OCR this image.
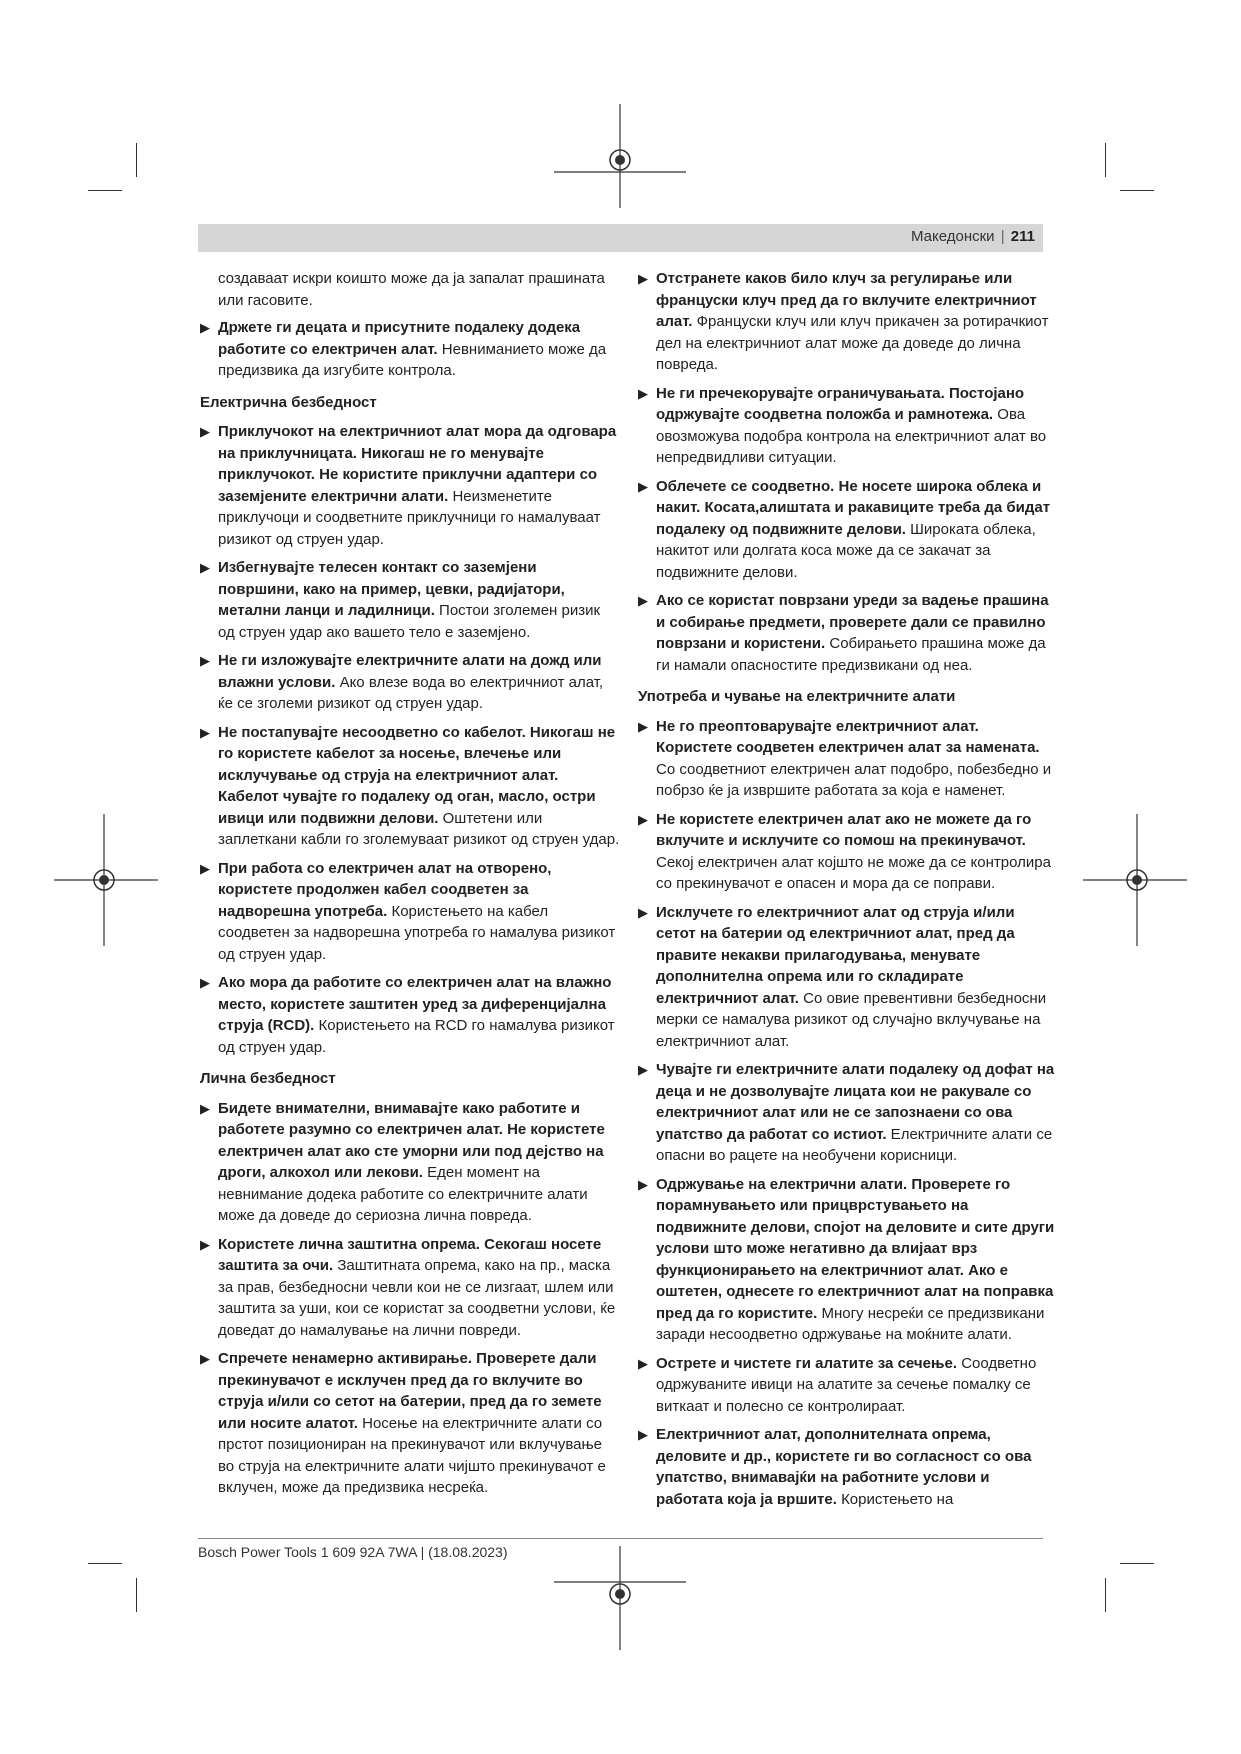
Македонски | 211
создаваат искри коишто може да ја запалат прашината или гасовите.
▶ Држете ги децата и присутните подалеку додека работите со електричен алат. Невниманието може да предизвика да изгубите контрола.
Електрична безбедност
▶ Приклучокот на електричниот алат мора да одговара на приклучницата. Никогаш не го менувајте приклучокот. Не користите приклучни адаптери со заземјените електрични алати. Неизменетите приклучоци и соодветните приклучници го намалуваат ризикот од струен удар.
▶ Избегнувајте телесен контакт со заземјени површини, како на пример, цевки, радијатори, метални ланци и ладилници. Постои зголемен ризик од струен удар ако вашето тело е заземјено.
▶ Не ги изложувајте електричните алати на дожд или влажни услови. Ако влезе вода во електричниот алат, ќе се зголеми ризикот од струен удар.
▶ Не постапувајте несоодветно со кабелот. Никогаш не го користете кабелот за носење, влечење или исклучување од струја на електричниот алат. Кабелот чувајте го подалеку од оган, масло, остри ивици или подвижни делови. Оштетени или заплеткани кабли го зголемуваат ризикот од струен удар.
▶ При работа со електричен алат на отворено, користете продолжен кабел соодветен за надворешна употреба. Користењето на кабел соодветен за надворешна употреба го намалува ризикот од струен удар.
▶ Ако мора да работите со електричен алат на влажно место, користете заштитен уред за диференцијална струја (RCD). Користењето на RCD го намалува ризикот од струен удар.
Лична безбедност
▶ Бидете внимателни, внимавајте како работите и работете разумно со електричен алат. Не користете електричен алат ако сте уморни или под дејство на дроги, алкохол или лекови. Еден момент на невнимание додека работите со електричните алати може да доведе до сериозна лична повреда.
▶ Користете лична заштитна опрема. Секогаш носете заштита за очи. Заштитната опрема, како на пр., маска за прав, безбедносни чевли кои не се лизгаат, шлем или заштита за уши, кои се користат за соодветни услови, ќе доведат до намалување на лични повреди.
▶ Спречете ненамерно активирање. Проверете дали прекинувачот е исклучен пред да го вклучите во струја и/или со сетот на батерии, пред да го земете или носите алатот. Носење на електричните алати со прстот позициониран на прекинувачот или вклучување во струја на електричните алати чијшто прекинувачот е вклучен, може да предизвика несреќа.
▶ Отстранете каков било клуч за регулирање или француски клуч пред да го вклучите електричниот алат. Француски клуч или клуч прикачен за ротирачкиот дел на електричниот алат може да доведе до лична повреда.
▶ Не ги пречекорувајте ограничувањата. Постојано одржувајте соодветна положба и рамнотежа. Ова овозможува подобра контрола на електричниот алат во непредвидливи ситуации.
▶ Облечете се соодветно. Не носете широка облека и накит. Косата,алиштата и ракавиците треба да бидат подалеку од подвижните делови. Широката облека, накитот или долгата коса може да се закачат за подвижните делови.
▶ Ако се користат поврзани уреди за вадење прашина и собирање предмети, проверете дали се правилно поврзани и користени. Собирањето прашина може да ги намали опасностите предизвикани од неа.
Употреба и чување на електричните алати
▶ Не го преоптоварувајте електричниот алат. Користете соодветен електричен алат за намената. Со соодветниот електричен алат подобро, побезбедно и побрзо ќе ја извршите работата за која е наменет.
▶ Не користете електричен алат ако не можете да го вклучите и исклучите со помош на прекинувачот. Секој електричен алат којшто не може да се контролира со прекинувачот е опасен и мора да се поправи.
▶ Исклучете го електричниот алат од струја и/или сетот на батерии од електричниот алат, пред да правите некакви прилагодувања, менувате дополнителна опрема или го складирате електричниот алат. Со овие превентивни безбедносни мерки се намалува ризикот од случајно вклучување на електричниот алат.
▶ Чувајте ги електричните алати подалеку од дофат на деца и не дозволувајте лицата кои не ракувале со електричниот алат или не се запознаени со ова упатство да работат со истиот. Електричните алати се опасни во рацете на необучени корисници.
▶ Одржување на електрични алати. Проверете го порамнувањето или прицврстувањето на подвижните делови, спојот на деловите и сите други услови што може негативно да влијаат врз функционирањето на електричниот алат. Ако е оштетен, однесете го електричниот алат на поправка пред да го користите. Многу несреќи се предизвикани заради несоодветно одржување на моќните алати.
▶ Острете и чистете ги алатите за сечење. Соодветно одржуваните ивици на алатите за сечење помалку се виткаат и полесно се контролираат.
▶ Електричниот алат, дополнителната опрема, деловите и др., користете ги во согласност со ова упатство, внимавајќи на работните услови и работата која ја вршите. Користењето на
Bosch Power Tools 1 609 92A 7WA | (18.08.2023)
